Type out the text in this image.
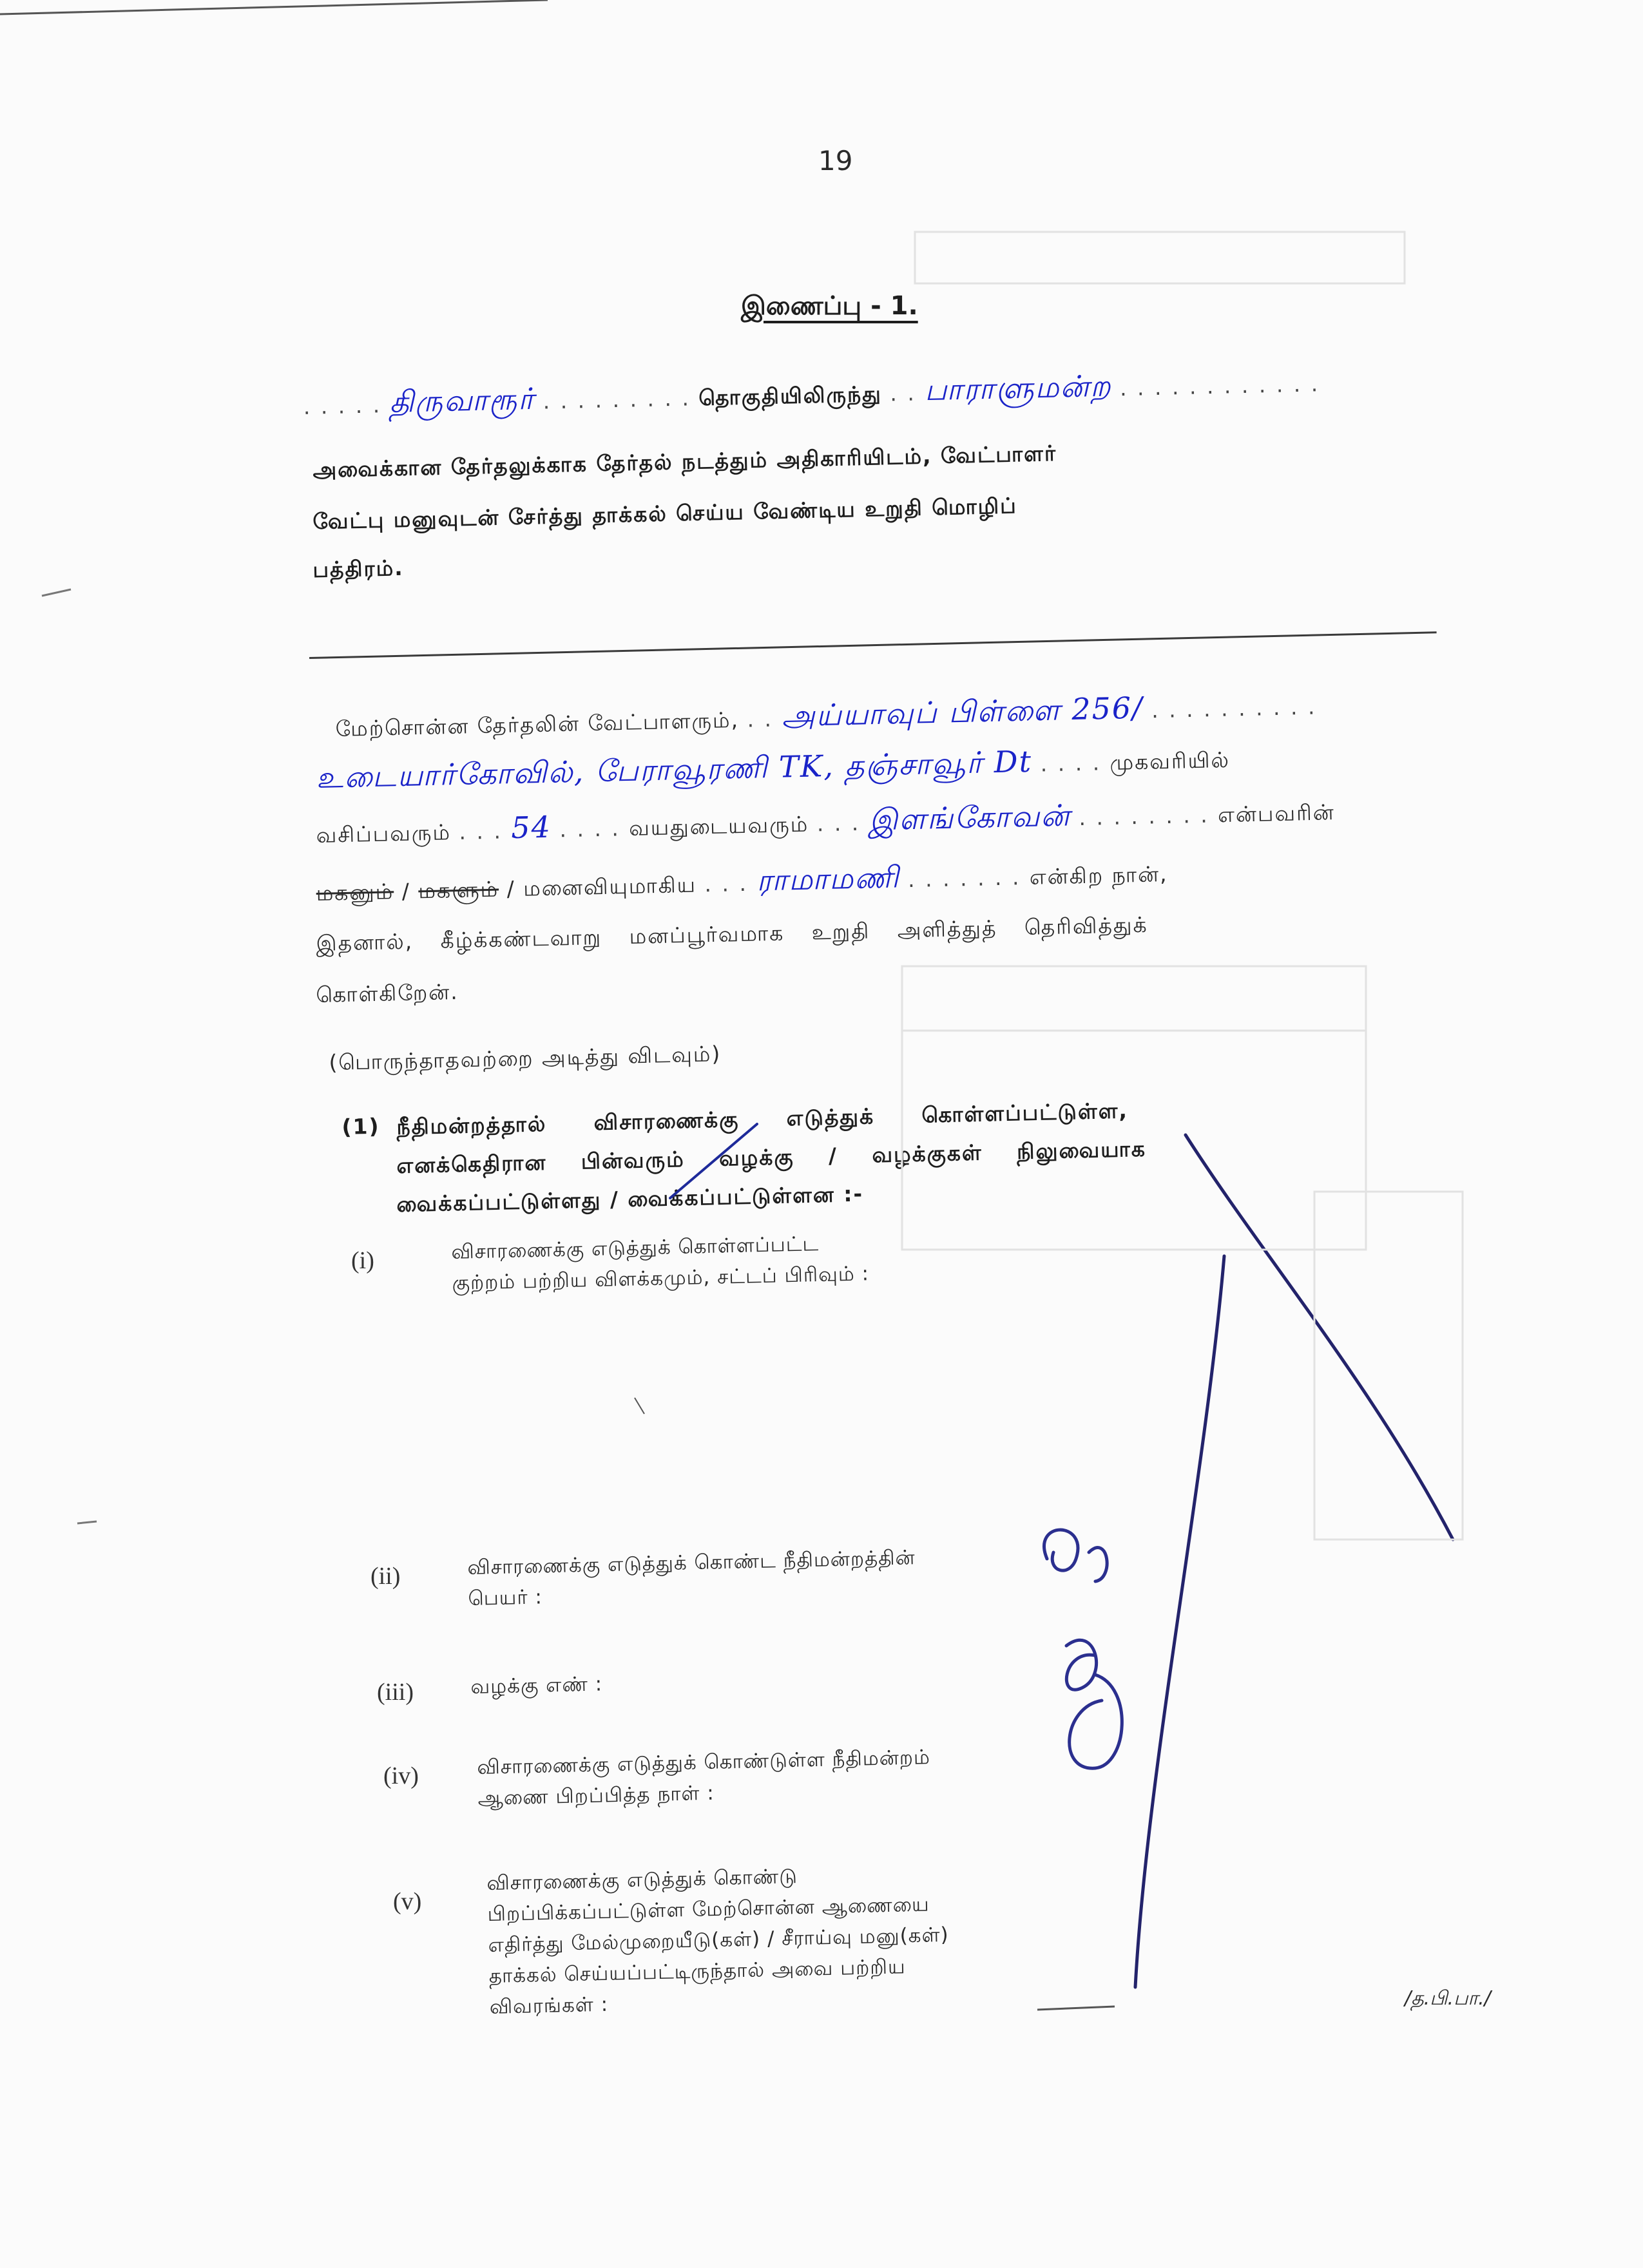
19
இணைப்பு - 1.
. . . . . திருவாரூர் . . . . . . . . . தொகுதியிலிருந்து . . பாராளுமன்ற . . . . . . . . . . . .
அவைக்கான தேர்தலுக்காக தேர்தல் நடத்தும் அதிகாரியிடம், வேட்பாளர்
வேட்பு மனுவுடன் சேர்த்து தாக்கல் செய்ய வேண்டிய உறுதி மொழிப்
பத்திரம்.
மேற்சொன்ன தேர்தலின் வேட்பாளரும், . . அய்யாவுப் பிள்ளை 256/ . . . . . . . . . .
உடையார்கோவில், பேராவூரணி TK, தஞ்சாவூர் Dt . . . . முகவரியில்
வசிப்பவரும் . . . 54 . . . . வயதுடையவரும் . . . இளங்கோவன் . . . . . . . . என்பவரின்
மகனும் / மகளும் / மனைவியுமாகிய . . . ராமாமணி . . . . . . . என்கிற நான்,
இதனால், கீழ்க்கண்டவாறு மனப்பூர்வமாக உறுதி அளித்துத் தெரிவித்துக்
கொள்கிறேன்.
(பொருந்தாதவற்றை அடித்து விடவும்)
(1) நீதிமன்றத்தால் விசாரணைக்கு எடுத்துக் கொள்ளப்பட்டுள்ள,
எனக்கெதிரான பின்வரும் வழக்கு / வழக்குகள் நிலுவையாக
வைக்கப்பட்டுள்ளது / வைக்கப்பட்டுள்ளன :-
(i)	விசாரணைக்கு எடுத்துக் கொள்ளப்பட்ட குற்றம் பற்றிய விளக்கமும், சட்டப் பிரிவும் :
(ii)	விசாரணைக்கு எடுத்துக் கொண்ட நீதிமன்றத்தின் பெயர் :
(iii)	வழக்கு எண் :
(iv)	விசாரணைக்கு எடுத்துக் கொண்டுள்ள நீதிமன்றம் ஆணை பிறப்பித்த நாள் :
(v)
விசாரணைக்கு எடுத்துக் கொண்டு பிறப்பிக்கப்பட்டுள்ள மேற்சொன்ன ஆணையை எதிர்த்து மேல்முறையீடு(கள்) / சீராய்வு மனு(கள்) தாக்கல் செய்யப்பட்டிருந்தால் அவை பற்றிய விவரங்கள் :	/த.பி.பா./
